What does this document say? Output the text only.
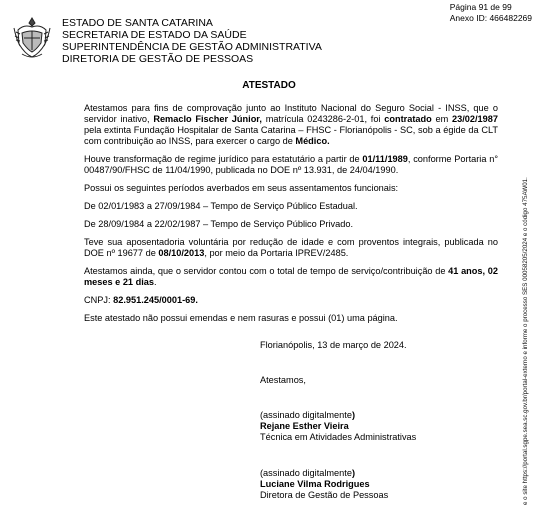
Página 91 de 99
Anexo ID: 466482269
ESTADO DE SANTA CATARINA
SECRETARIA DE ESTADO DA SAÚDE
SUPERINTENDÊNCIA DE GESTÃO ADMINISTRATIVA
DIRETORIA DE GESTÃO DE PESSOAS
ATESTADO

Atestamos para fins de comprovação junto ao Instituto Nacional do Seguro Social - INSS, que o servidor inativo, Remaclo Fischer Júnior, matrícula 0243286-2-01, foi contratado em 23/02/1987 pela extinta Fundação Hospitalar de Santa Catarina – FHSC - Florianópolis - SC, sob a égide da CLT com contribuição ao INSS, para exercer o cargo de Médico.

Houve transformação de regime jurídico para estatutário a partir de 01/11/1989, conforme Portaria n° 00487/90/FHSC de 11/04/1990, publicada no DOE nº 13.931, de 24/04/1990.

Possui os seguintes períodos averbados em seus assentamentos funcionais:

De 02/01/1983 a 27/09/1984 – Tempo de Serviço Público Estadual.

De 28/09/1984 a 22/02/1987 – Tempo de Serviço Público Privado.

Teve sua aposentadoria voluntária por redução de idade e com proventos integrais, publicada no DOE nº 19677 de 08/10/2013, por meio da Portaria IPREV/2485.

Atestamos ainda, que o servidor contou com o total de tempo de serviço/contribuição de 41 anos, 02 meses e 21 dias.

CNPJ: 82.951.245/0001-69.

Este atestado não possui emendas e nem rasuras e possui (01) uma página.

Florianópolis, 13 de março de 2024.
Atestamos,
(assinado digitalmente)
Rejane Esther Vieira
Técnica em Atividades Administrativas
(assinado digitalmente)
Luciane Vilma Rodrigues
Diretora de Gestão de Pessoas	e o site https://portal.sgpe.sea.sc.gov.br/portal-externo e informe o processo SES 00058205/2024 e o código 475AW01.
